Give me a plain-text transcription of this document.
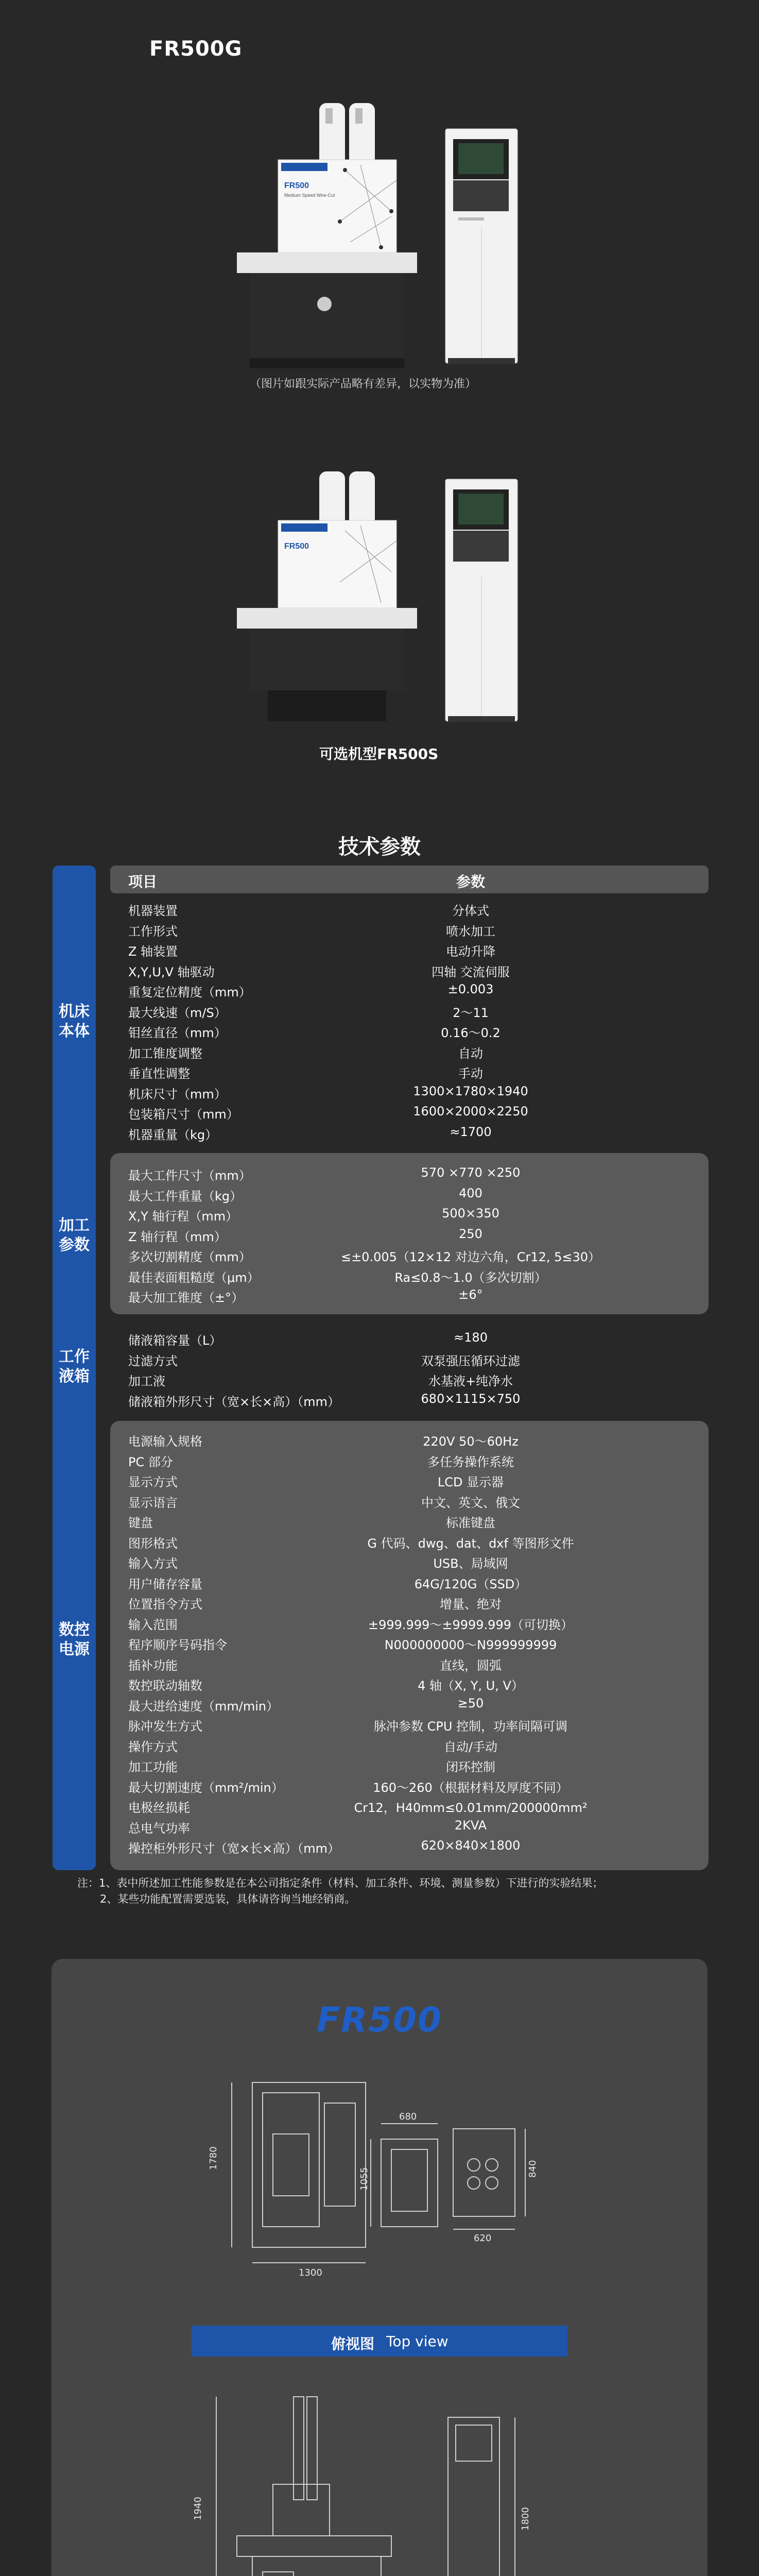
FR500G
FR500
Medium Speed Wire-Cut
（图片如跟实际产品略有差异，以实物为准）
FR500
可选机型FR500S
技术参数
机床
本体
加工
参数
工作
液箱
数控
电源
项目	参数
机器装置	分体式
工作形式	喷水加工
Z 轴装置	电动升降
X,Y,U,V 轴驱动	四轴 交流伺服
重复定位精度（mm）	±0.003
最大线速（m/S）	2～11
钼丝直径（mm）	0.16～0.2
加工锥度调整	自动
垂直性调整	手动
机床尺寸（mm）	1300×1780×1940
包装箱尺寸（mm）	1600×2000×2250
机器重量（kg）	≈1700
最大工件尺寸（mm）	570 ×770 ×250
最大工件重量（kg）	400
X,Y 轴行程（mm）	500×350
Z 轴行程（mm）	250
多次切割精度（mm）	≤±0.005（12×12 对边六角，Cr12, 5≤30）
最佳表面粗糙度（μm）	Ra≤0.8～1.0（多次切割）
最大加工锥度（±°）	±6°
储液箱容量（L）	≈180
过滤方式	双泵强压循环过滤
加工液	水基液+纯净水
储液箱外形尺寸（宽×长×高）（mm）	680×1115×750
电源输入规格	220V 50～60Hz
PC 部分	多任务操作系统
显示方式	LCD 显示器
显示语言	中文、英文、俄文
键盘	标准键盘
图形格式	G 代码、dwg、dat、dxf 等图形文件
输入方式	USB、局域网
用户储存容量	64G/120G（SSD）
位置指令方式	增量、绝对
输入范围	±999.999～±9999.999（可切换）
程序顺序号码指令	N000000000～N999999999
插补功能	直线，圆弧
数控联动轴数	4 轴（X, Y, U, V）
最大进给速度（mm/min）	≥50
脉冲发生方式	脉冲参数 CPU 控制，功率间隔可调
操作方式	自动/手动
加工功能	闭环控制
最大切割速度（mm²/min）	160～260（根据材料及厚度不同）
电极丝损耗	Cr12，H40mm≤0.01mm/200000mm²
总电气功率	2KVA
操控柜外形尺寸（宽×长×高）（mm）	620×840×1800
注：1、表中所述加工性能参数是在本公司指定条件（材料、加工条件、环境、测量参数）下进行的实验结果；
2、某些功能配置需要选装，具体请咨询当地经销商。
FR500
1780
1300
680
1055
620
840
俯视图 Top view
1940	1800
